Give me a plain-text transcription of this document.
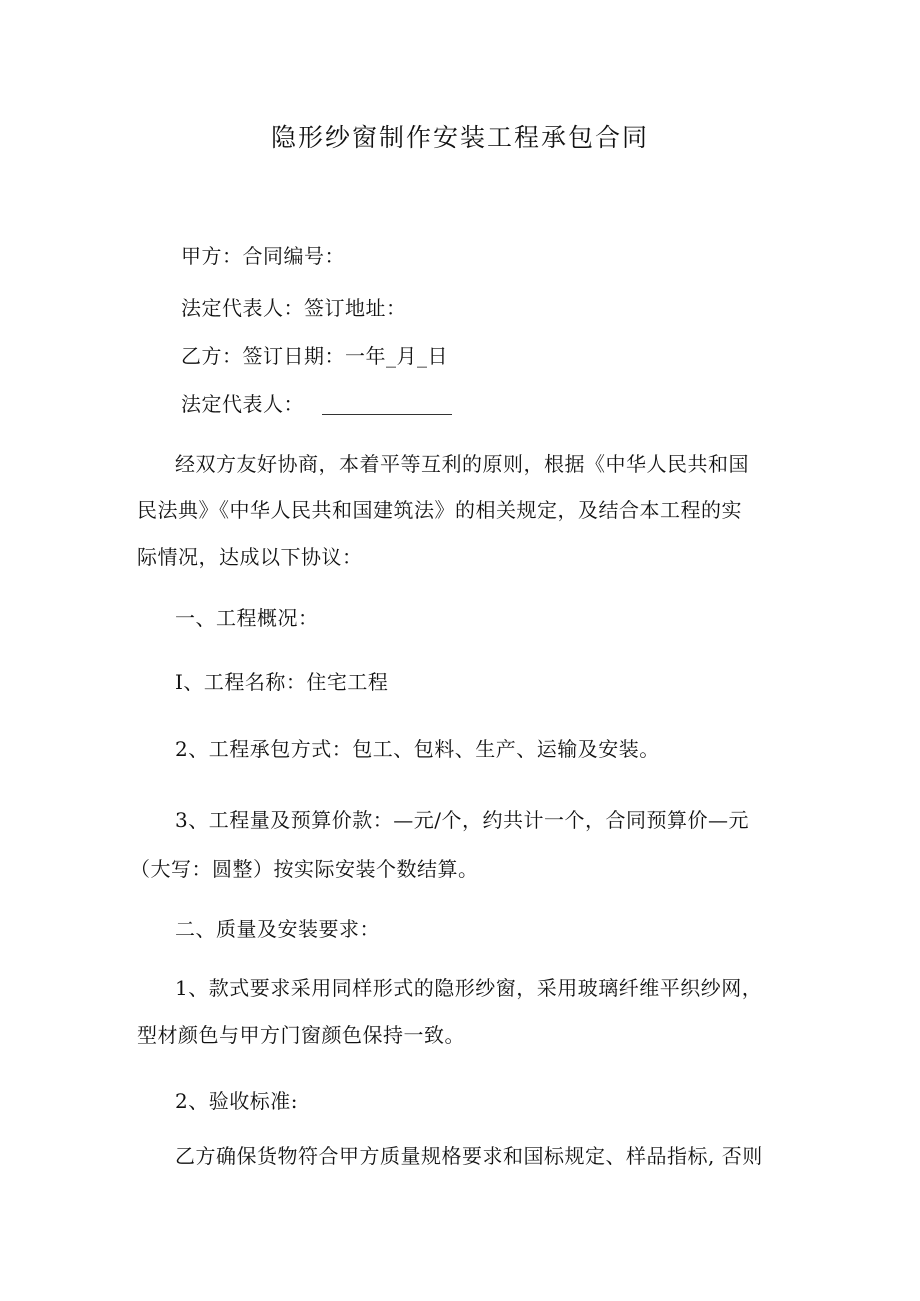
隐形纱窗制作安装工程承包合同
甲方：合同编号：
法定代表人：签订地址：
乙方：签订日期：一年_月_日
法定代表人：
经双方友好协商，本着平等互利的原则，根据《中华人民共和国
民法典》《中华人民共和国建筑法》的相关规定，及结合本工程的实
际情况，达成以下协议：
一、工程概况：
I、工程名称：住宅工程
2、工程承包方式：包工、包料、生产、运输及安装。
3、工程量及预算价款：—元/个，约共计一个，合同预算价—元
（大写：圆整）按实际安装个数结算。
二、质量及安装要求：
1、款式要求采用同样形式的隐形纱窗，采用玻璃纤维平织纱网，
型材颜色与甲方门窗颜色保持一致。
2、验收标准:
乙方确保货物符合甲方质量规格要求和国标规定、样品指标, 否则
